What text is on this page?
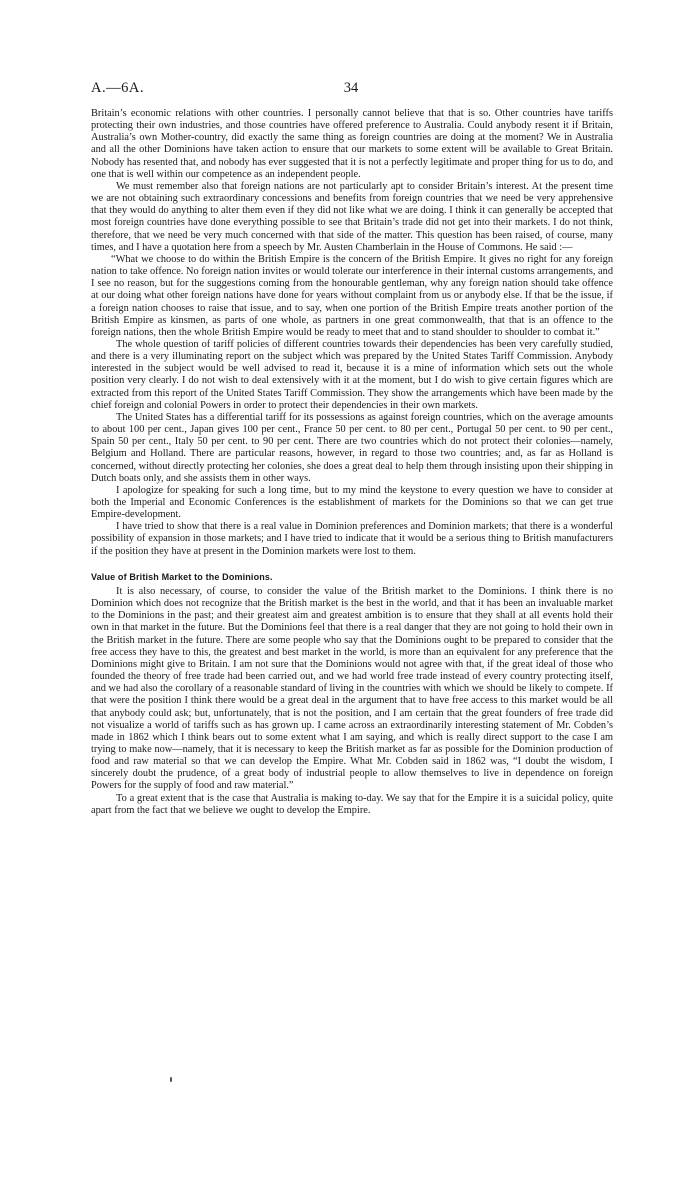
A.—6A.	34

Britain’s economic relations with other countries. I personally cannot believe that that is so. Other countries have tariffs protecting their own industries, and those countries have offered preference to Australia. Could anybody resent it if Britain, Australia’s own Mother-country, did exactly the same thing as foreign countries are doing at the moment? We in Australia and all the other Dominions have taken action to ensure that our markets to some extent will be available to Great Britain. Nobody has resented that, and nobody has ever suggested that it is not a perfectly legitimate and proper thing for us to do, and one that is well within our competence as an independent people.

We must remember also that foreign nations are not particularly apt to consider Britain’s interest. At the present time we are not obtaining such extraordinary concessions and benefits from foreign countries that we need be very apprehensive that they would do anything to alter them even if they did not like what we are doing. I think it can generally be accepted that most foreign countries have done everything possible to see that Britain’s trade did not get into their markets. I do not think, therefore, that we need be very much concerned with that side of the matter. This question has been raised, of course, many times, and I have a quotation here from a speech by Mr. Austen Chamberlain in the House of Commons. He said :—

“What we choose to do within the British Empire is the concern of the British Empire. It gives no right for any foreign nation to take offence. No foreign nation invites or would tolerate our interference in their internal customs arrangements, and I see no reason, but for the suggestions coming from the honourable gentleman, why any foreign nation should take offence at our doing what other foreign nations have done for years without complaint from us or anybody else. If that be the issue, if a foreign nation chooses to raise that issue, and to say, when one portion of the British Empire treats another portion of the British Empire as kinsmen, as parts of one whole, as partners in one great commonwealth, that that is an offence to the foreign nations, then the whole British Empire would be ready to meet that and to stand shoulder to shoulder to combat it.”

The whole question of tariff policies of different countries towards their dependencies has been very carefully studied, and there is a very illuminating report on the subject which was prepared by the United States Tariff Commission. Anybody interested in the subject would be well advised to read it, because it is a mine of information which sets out the whole position very clearly. I do not wish to deal extensively with it at the moment, but I do wish to give certain figures which are extracted from this report of the United States Tariff Commission. They show the arrangements which have been made by the chief foreign and colonial Powers in order to protect their dependencies in their own markets.

The United States has a differential tariff for its possessions as against foreign countries, which on the average amounts to about 100 per cent., Japan gives 100 per cent., France 50 per cent. to 80 per cent., Portugal 50 per cent. to 90 per cent., Spain 50 per cent., Italy 50 per cent. to 90 per cent. There are two countries which do not protect their colonies—namely, Belgium and Holland. There are particular reasons, however, in regard to those two countries; and, as far as Holland is concerned, without directly protecting her colonies, she does a great deal to help them through insisting upon their shipping in Dutch boats only, and she assists them in other ways.

I apologize for speaking for such a long time, but to my mind the keystone to every question we have to consider at both the Imperial and Economic Conferences is the establishment of markets for the Dominions so that we can get true Empire-development.

I have tried to show that there is a real value in Dominion preferences and Dominion markets; that there is a wonderful possibility of expansion in those markets; and I have tried to indicate that it would be a serious thing to British manufacturers if the position they have at present in the Dominion markets were lost to them.

Value of British Market to the Dominions.

It is also necessary, of course, to consider the value of the British market to the Dominions. I think there is no Dominion which does not recognize that the British market is the best in the world, and that it has been an invaluable market to the Dominions in the past; and their greatest aim and greatest ambition is to ensure that they shall at all events hold their own in that market in the future. But the Dominions feel that there is a real danger that they are not going to hold their own in the British market in the future. There are some people who say that the Dominions ought to be prepared to consider that the free access they have to this, the greatest and best market in the world, is more than an equivalent for any preference that the Dominions might give to Britain. I am not sure that the Dominions would not agree with that, if the great ideal of those who founded the theory of free trade had been carried out, and we had world free trade instead of every country protecting itself, and we had also the corollary of a reasonable standard of living in the countries with which we should be likely to compete. If that were the position I think there would be a great deal in the argument that to have free access to this market would be all that anybody could ask; but, unfortunately, that is not the position, and I am certain that the great founders of free trade did not visualize a world of tariffs such as has grown up. I came across an extraordinarily interesting statement of Mr. Cobden’s made in 1862 which I think bears out to some extent what I am saying, and which is really direct support to the case I am trying to make now—namely, that it is necessary to keep the British market as far as possible for the Dominion production of food and raw material so that we can develop the Empire. What Mr. Cobden said in 1862 was, “I doubt the wisdom, I sincerely doubt the prudence, of a great body of industrial people to allow themselves to live in dependence on foreign Powers for the supply of food and raw material.”

To a great extent that is the case that Australia is making to-day. We say that for the Empire it is a suicidal policy, quite apart from the fact that we believe we ought to develop the Empire.
